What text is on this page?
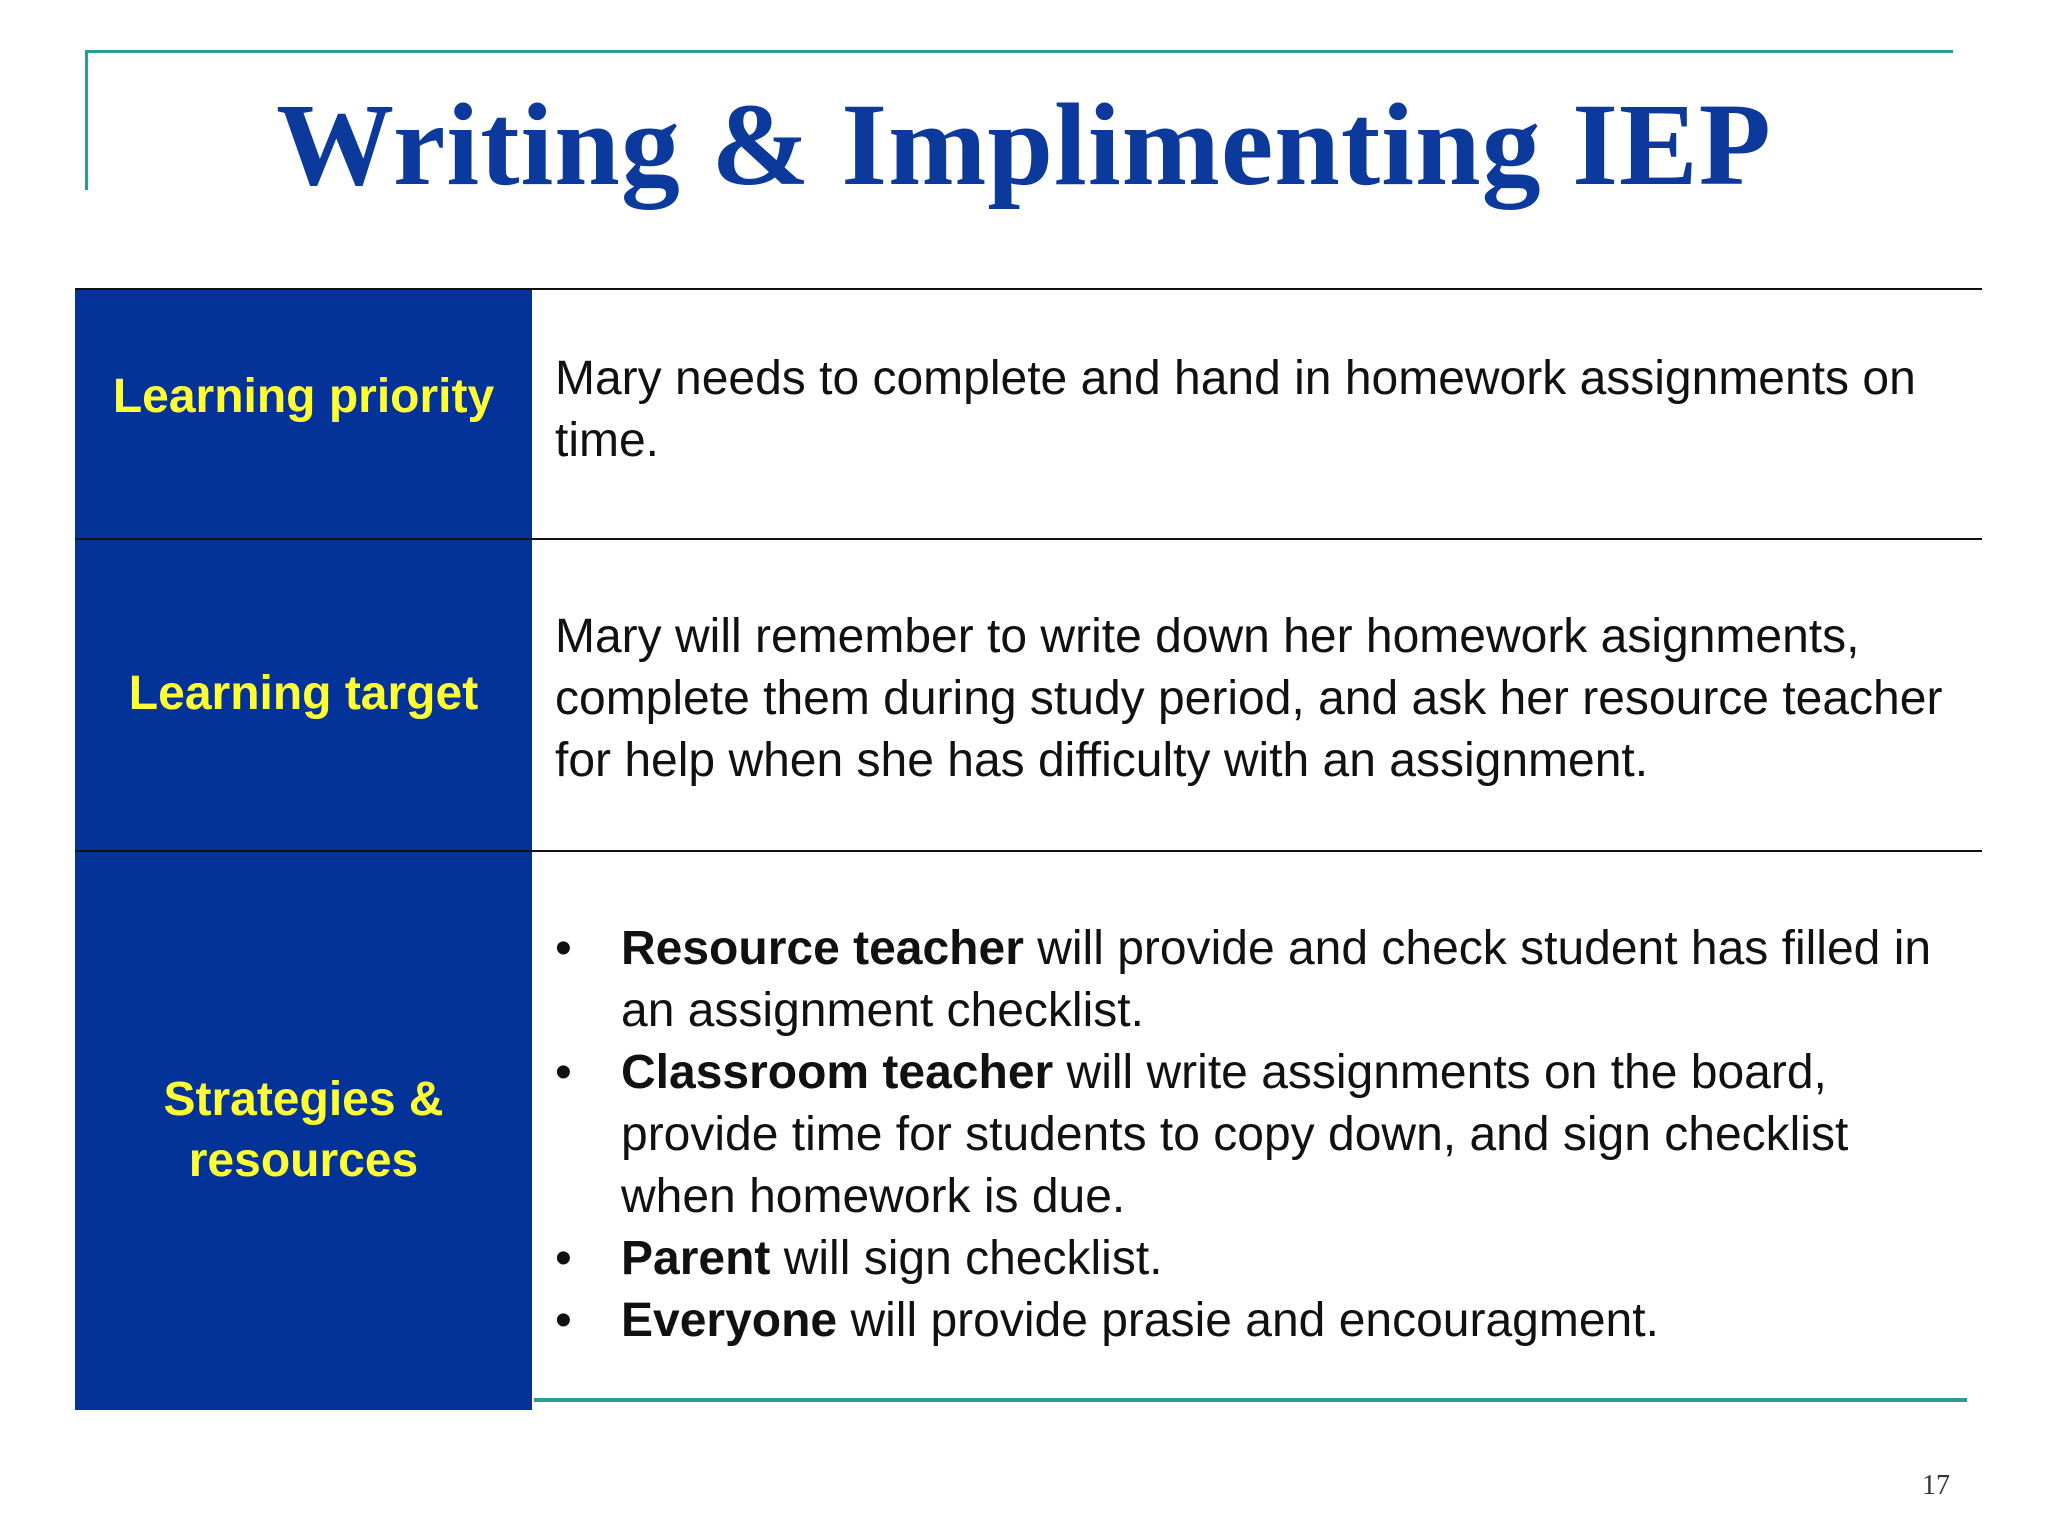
Writing & Implimenting IEP
Learning priority	Mary needs to complete and hand in homework assignments on time.
Learning target
Mary will remember to write down her homework asignments, complete them during study period, and ask her resource teacher for help when she has difficulty with an assignment.
Strategies & resources
• Resource teacher will provide and check student has filled in an assignment checklist.
• Classroom teacher will write assignments on the board, provide time for students to copy down, and sign checklist when homework is due.
• Parent will sign checklist.
• Everyone will provide prasie and encouragment.
17
